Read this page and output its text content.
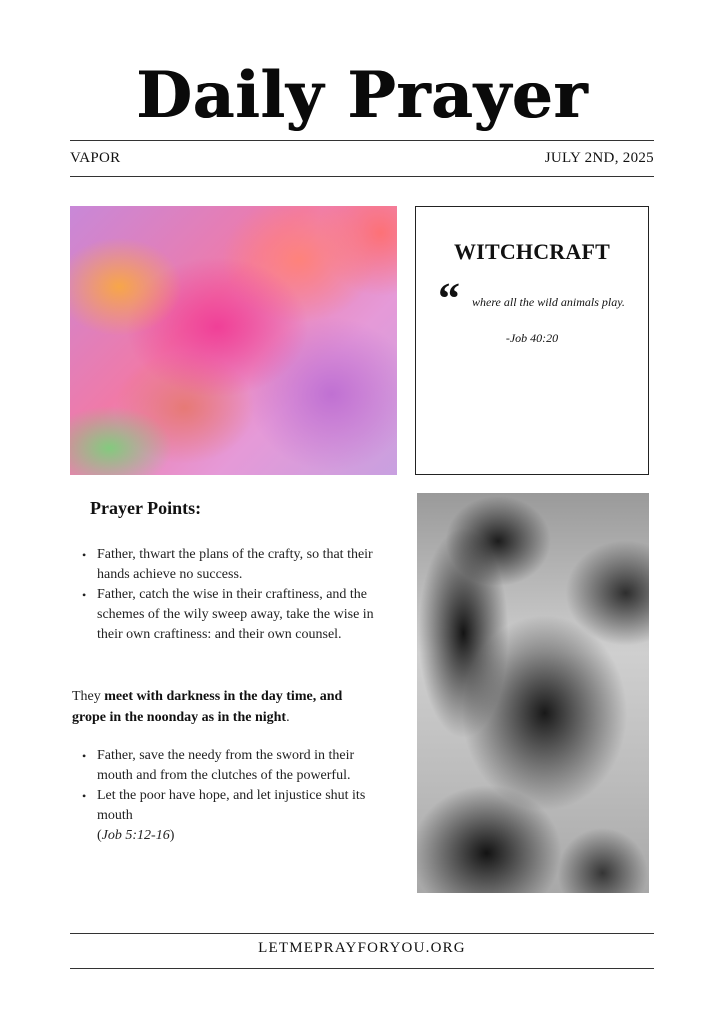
Daily Prayer
VAPOR	JULY 2ND, 2025
WITCHCRAFT
“ where all the wild animals play.
-Job 40:20
Prayer Points:
• Father, thwart the plans of the crafty, so that their hands achieve no success.
• Father, catch the wise in their craftiness, and the schemes of the wily sweep away, take the wise in their own craftiness: and their own counsel.

They meet with darkness in the day time, and grope in the noonday as in the night.

• Father, save the needy from the sword in their mouth and from the clutches of the powerful.
• Let the poor have hope, and let injustice shut its mouth
(Job 5:12-16)
LETMEPRAYFORYOU.ORG
